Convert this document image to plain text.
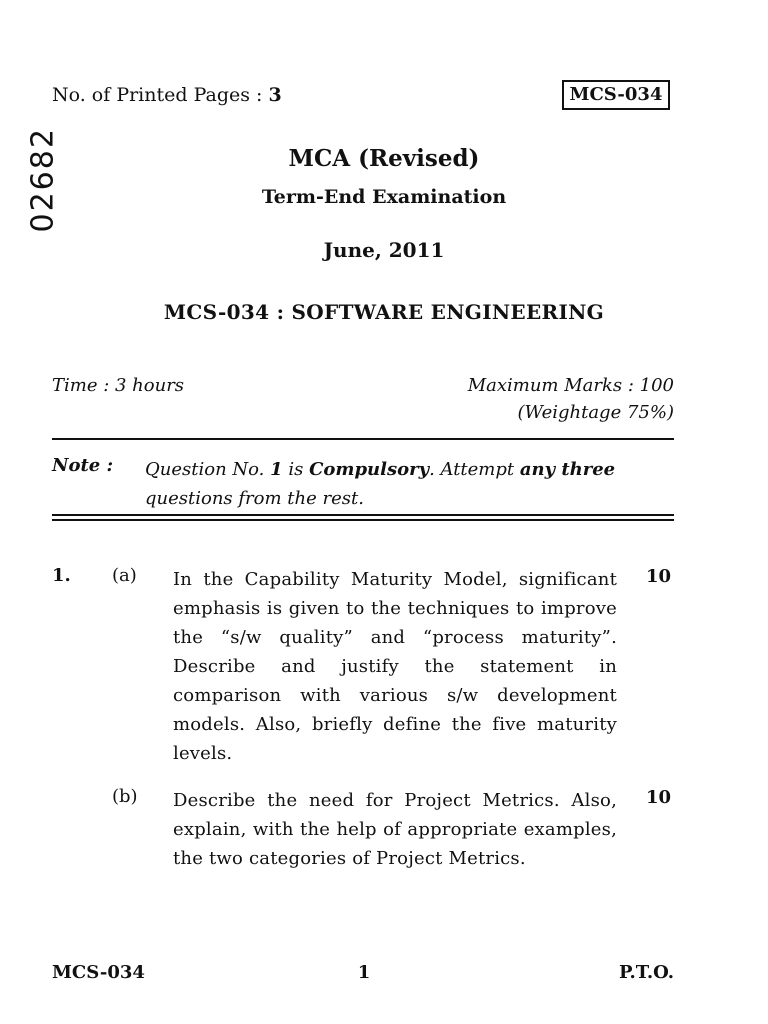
No. of Printed Pages : 3	MCS-034
02682	MCA (Revised)
Term-End Examination
June, 2011
MCS-034 : SOFTWARE ENGINEERING
Time : 3 hours	Maximum Marks : 100
(Weightage 75%)
Note : Question No. 1 is Compulsory. Attempt any three questions from the rest.
1. (a) In the Capability Maturity Model, significant emphasis is given to the techniques to improve the “s/w quality” and “process maturity”. Describe and justify the statement in comparison with various s/w development models. Also, briefly define the five maturity levels.
10
(b) Describe the need for Project Metrics. Also, explain, with the help of appropriate examples, the two categories of Project Metrics.
10
MCS-034	1	P.T.O.
